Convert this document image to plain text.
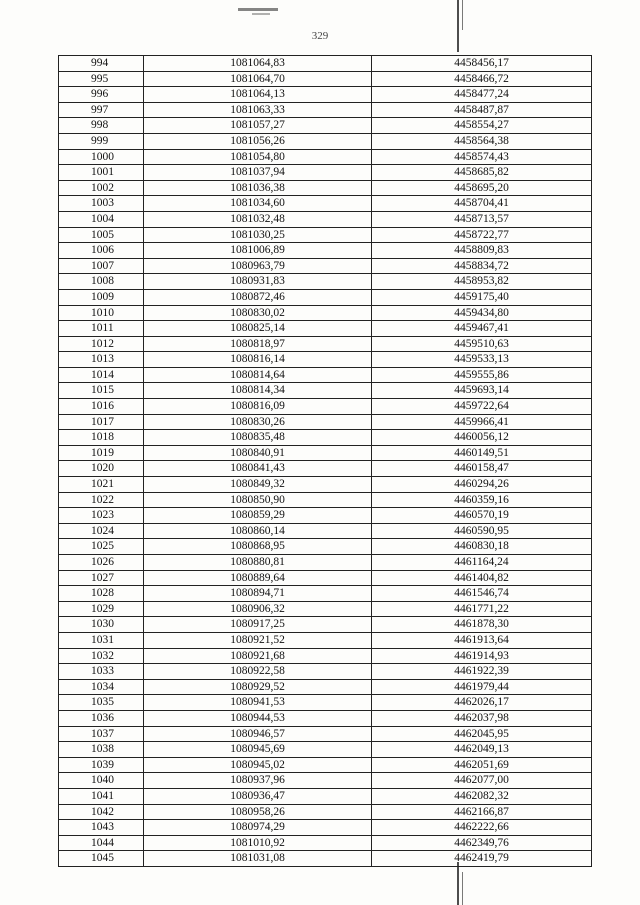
329
994	1081064,83	4458456,17
995	1081064,70	4458466,72
996	1081064,13	4458477,24
997	1081063,33	4458487,87
998	1081057,27	4458554,27
999	1081056,26	4458564,38
1000	1081054,80	4458574,43
1001	1081037,94	4458685,82
1002	1081036,38	4458695,20
1003	1081034,60	4458704,41
1004	1081032,48	4458713,57
1005	1081030,25	4458722,77
1006	1081006,89	4458809,83
1007	1080963,79	4458834,72
1008	1080931,83	4458953,82
1009	1080872,46	4459175,40
1010	1080830,02	4459434,80
1011	1080825,14	4459467,41
1012	1080818,97	4459510,63
1013	1080816,14	4459533,13
1014	1080814,64	4459555,86
1015	1080814,34	4459693,14
1016	1080816,09	4459722,64
1017	1080830,26	4459966,41
1018	1080835,48	4460056,12
1019	1080840,91	4460149,51
1020	1080841,43	4460158,47
1021	1080849,32	4460294,26
1022	1080850,90	4460359,16
1023	1080859,29	4460570,19
1024	1080860,14	4460590,95
1025	1080868,95	4460830,18
1026	1080880,81	4461164,24
1027	1080889,64	4461404,82
1028	1080894,71	4461546,74
1029	1080906,32	4461771,22
1030	1080917,25	4461878,30
1031	1080921,52	4461913,64
1032	1080921,68	4461914,93
1033	1080922,58	4461922,39
1034	1080929,52	4461979,44
1035	1080941,53	4462026,17
1036	1080944,53	4462037,98
1037	1080946,57	4462045,95
1038	1080945,69	4462049,13
1039	1080945,02	4462051,69
1040	1080937,96	4462077,00
1041	1080936,47	4462082,32
1042	1080958,26	4462166,87
1043	1080974,29	4462222,66
1044	1081010,92	4462349,76
1045	1081031,08	4462419,79
